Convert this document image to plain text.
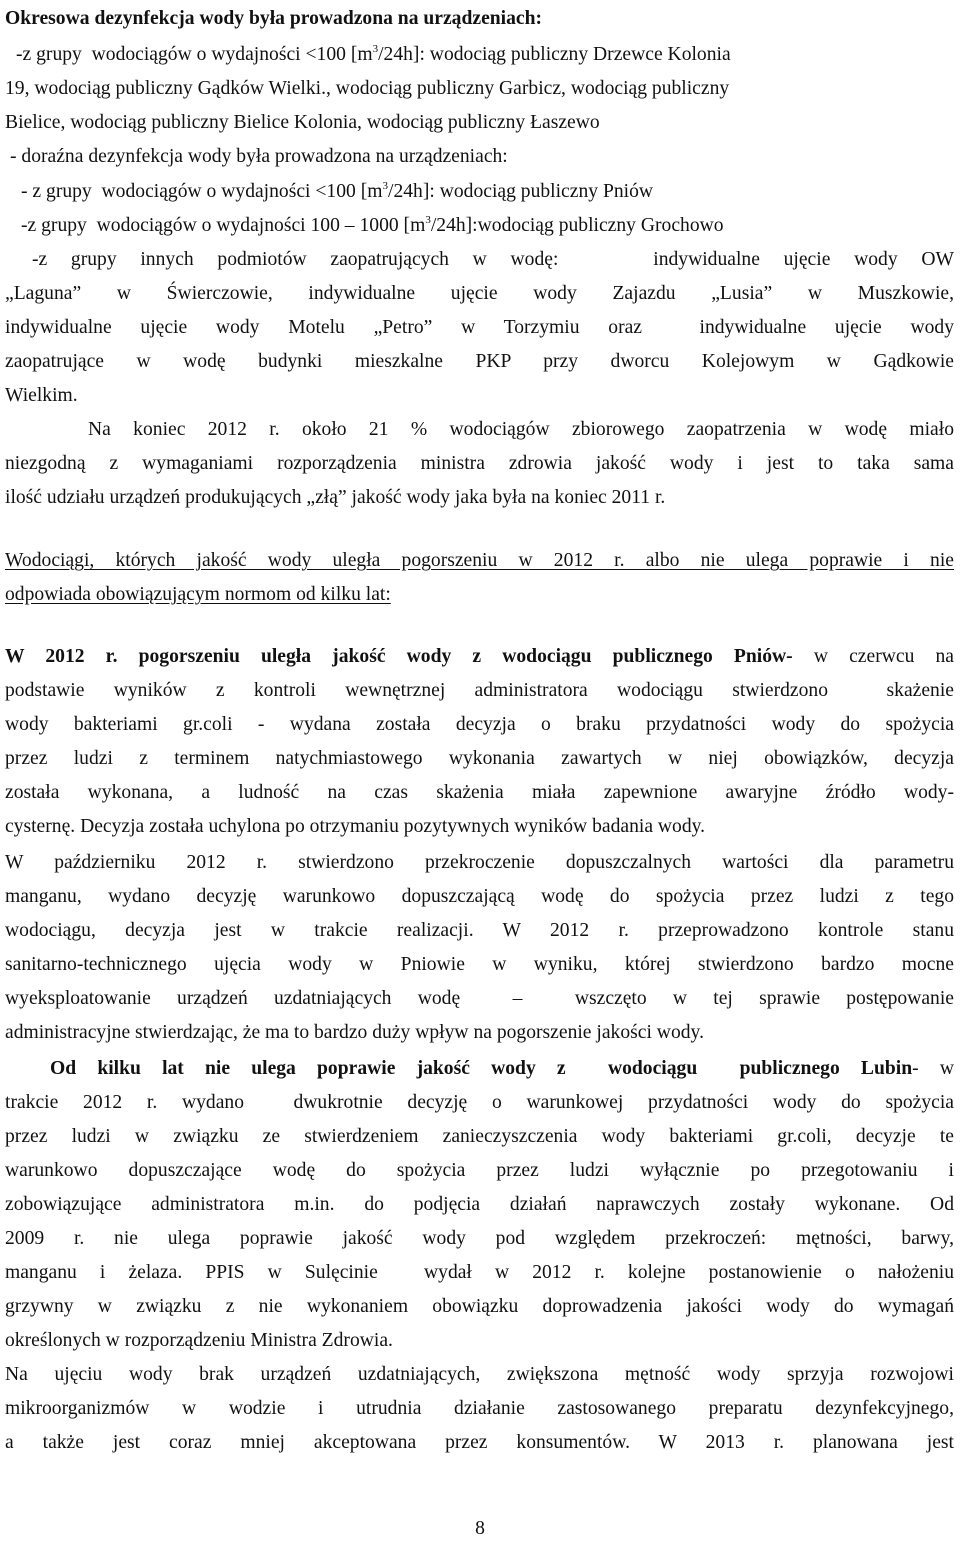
Okresowa dezynfekcja wody była prowadzona na urządzeniach:
-z grupy  wodociągów o wydajności <100 $[m^3/24h]$: wodociąg publiczny Drzewce Kolonia
19, wodociąg publiczny Gądków Wielki., wodociąg publiczny Garbicz, wodociąg publiczny
Bielice, wodociąg publiczny Bielice Kolonia, wodociąg publiczny Łaszewo
- doraźna dezynfekcja wody była prowadzona na urządzeniach:
- z grupy  wodociągów o wydajności <100 $[m^3/24h]$: wodociąg publiczny Pniów
-z grupy  wodociągów o wydajności 100 – 1000 $[m^3/24h]:wodociąg$ publiczny Grochowo
-z grupy innych podmiotów zaopatrujących w wodę:    indywidualne ujęcie wody OW
„Laguna” w Świerczowie, indywidualne ujęcie wody Zajazdu „Lusia” w Muszkowie,
indywidualne ujęcie wody Motelu „Petro” w Torzymiu oraz  indywidualne ujęcie wody
zaopatrujące w wodę budynki mieszkalne PKP przy dworcu Kolejowym w Gądkowie
Wielkim.
Na koniec 2012 r. około 21 % wodociągów zbiorowego zaopatrzenia w wodę miało
niezgodną z wymaganiami rozporządzenia ministra zdrowia jakość wody i jest to taka sama
ilość udziału urządzeń produkujących „złą” jakość wody jaka była na koniec 2011 r.
Wodociągi, których jakość wody uległa pogorszeniu w 2012 r. albo nie ulega poprawie i nie
odpowiada obowiązującym normom od kilku lat:
W 2012 r. pogorszeniu uległa jakość wody z wodociągu publicznego Pniów- w czerwcu na
podstawie wyników z kontroli wewnętrznej administratora wodociągu stwierdzono  skażenie
wody bakteriami gr.coli - wydana została decyzja o braku przydatności wody do spożycia
przez ludzi z terminem natychmiastowego wykonania zawartych w niej obowiązków, decyzja
została wykonana, a ludność na czas skażenia miała zapewnione awaryjne źródło wody-
cysternę. Decyzja została uchylona po otrzymaniu pozytywnych wyników badania wody.
W październiku 2012 r. stwierdzono przekroczenie dopuszczalnych wartości dla parametru
manganu, wydano decyzję warunkowo dopuszczającą wodę do spożycia przez ludzi z tego
wodociągu, decyzja jest w trakcie realizacji. W 2012 r. przeprowadzono kontrole stanu
sanitarno-technicznego ujęcia wody w Pniowie w wyniku, której stwierdzono bardzo mocne
wyeksploatowanie urządzeń uzdatniających wodę  –  wszczęto w tej sprawie postępowanie
administracyjne stwierdzając, że ma to bardzo duży wpływ na pogorszenie jakości wody.
Od kilku lat nie ulega poprawie jakość wody z  wodociągu  publicznego Lubin- w
trakcie 2012 r. wydano  dwukrotnie decyzję o warunkowej przydatności wody do spożycia
przez ludzi w związku ze stwierdzeniem zanieczyszczenia wody bakteriami gr.coli, decyzje te
warunkowo dopuszczające wodę do spożycia przez ludzi wyłącznie po przegotowaniu i
zobowiązujące administratora m.in. do podjęcia działań naprawczych zostały wykonane. Od
2009 r. nie ulega poprawie jakość wody pod względem przekroczeń: mętności, barwy,
manganu i żelaza. PPIS w Sulęcinie  wydał w 2012 r. kolejne postanowienie o nałożeniu
grzywny w związku z nie wykonaniem obowiązku doprowadzenia jakości wody do wymagań
określonych w rozporządzeniu Ministra Zdrowia.
Na ujęciu wody brak urządzeń uzdatniających, zwiększona mętność wody sprzyja rozwojowi
mikroorganizmów w wodzie i utrudnia działanie zastosowanego preparatu dezynfekcyjnego,
a także jest coraz mniej akceptowana przez konsumentów. W 2013 r. planowana jest
8
